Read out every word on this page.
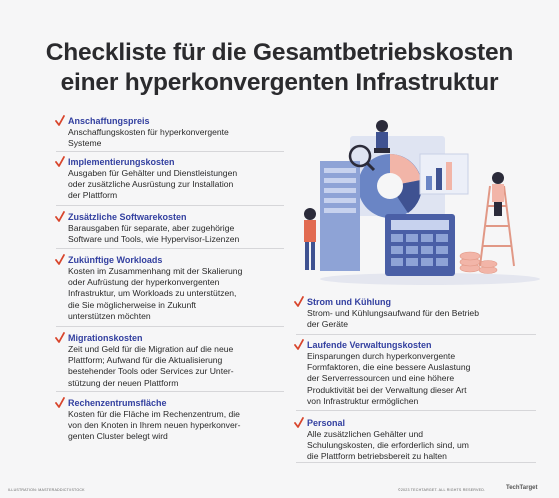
Checkliste für die Gesamtbetriebskosten
einer hyperkonvergenten Infrastruktur
Anschaffungspreis
Anschaffungskosten für hyperkonvergente
Systeme
Implementierungskosten
Ausgaben für Gehälter und Dienstleistungen
oder zusätzliche Ausrüstung zur Installation
der Plattform
Zusätzliche Softwarekosten
Barausgaben für separate, aber zugehörige
Software und Tools, wie Hypervisor-Lizenzen
Zukünftige Workloads
Kosten im Zusammenhang mit der Skalierung
oder Aufrüstung der hyperkonvergenten
Infrastruktur, um Workloads zu unterstützen,
die Sie möglicherweise in Zukunft
unterstützen möchten
Migrationskosten
Zeit und Geld für die Migration auf die neue
Plattform; Aufwand für die Aktualisierung
bestehender Tools oder Services zur Unter-
stützung der neuen Plattform
Rechenzentrumsfläche
Kosten für die Fläche im Rechenzentrum, die
von den Knoten in Ihrem neuen hyperkonver-
genten Cluster belegt wird
Strom und Kühlung
Strom- und Kühlungsaufwand für den Betrieb
der Geräte
Laufende Verwaltungskosten
Einsparungen durch hyperkonvergente
Formfaktoren, die eine bessere Auslastung
der Serverressourcen und eine höhere
Produktivität bei der Verwaltung dieser Art
von Infrastruktur ermöglichen
Personal
Alle zusätzlichen Gehälter und
Schulungskosten, die erforderlich sind, um
die Plattform betriebsbereit zu halten
ILLUSTRATION: MASTERADDICT/ISTOCK	©2023 TECHTARGET. ALL RIGHTS RESERVED.	TechTarget
